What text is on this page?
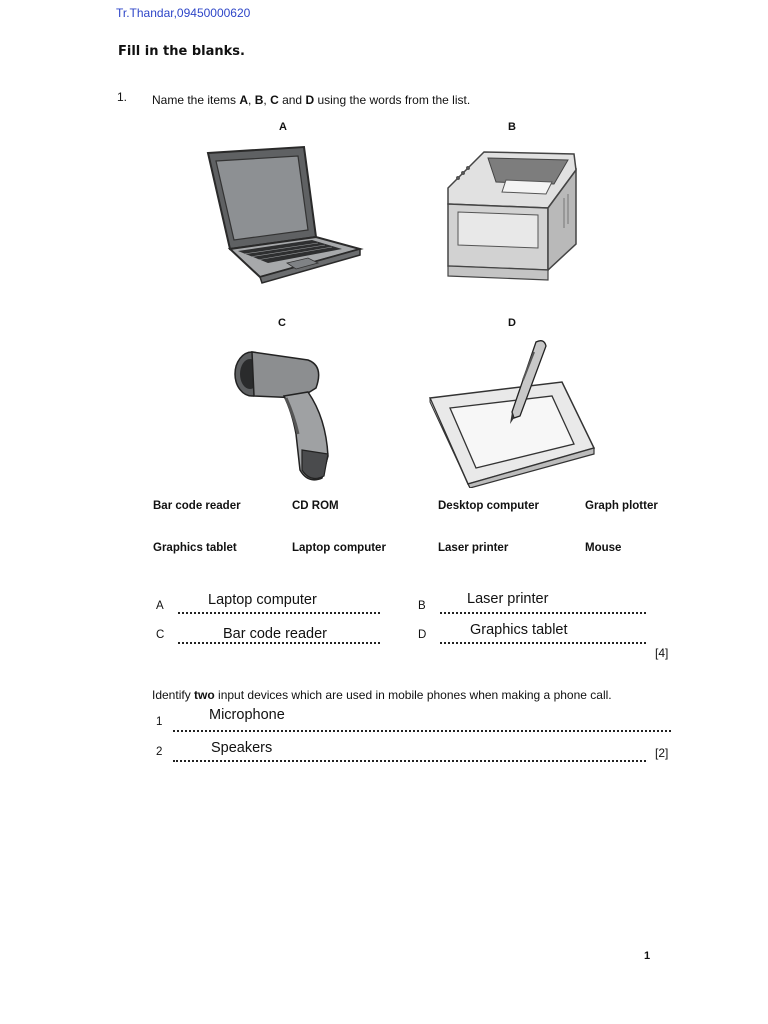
Tr.Thandar,09450000620
Fill in the blanks.
1. Name the items A, B, C and D using the words from the list.
A	B
C	D
Bar code reader	CD ROM	Desktop computer	Graph plotter
Graphics tablet	Laptop computer	Laser printer	Mouse
A	Laptop computer	B	Laser printer
C	Bar code reader	D	Graphics tablet
[4]
Identify two input devices which are used in mobile phones when making a phone call.
1	Microphone
2	Speakers	[2]
1
